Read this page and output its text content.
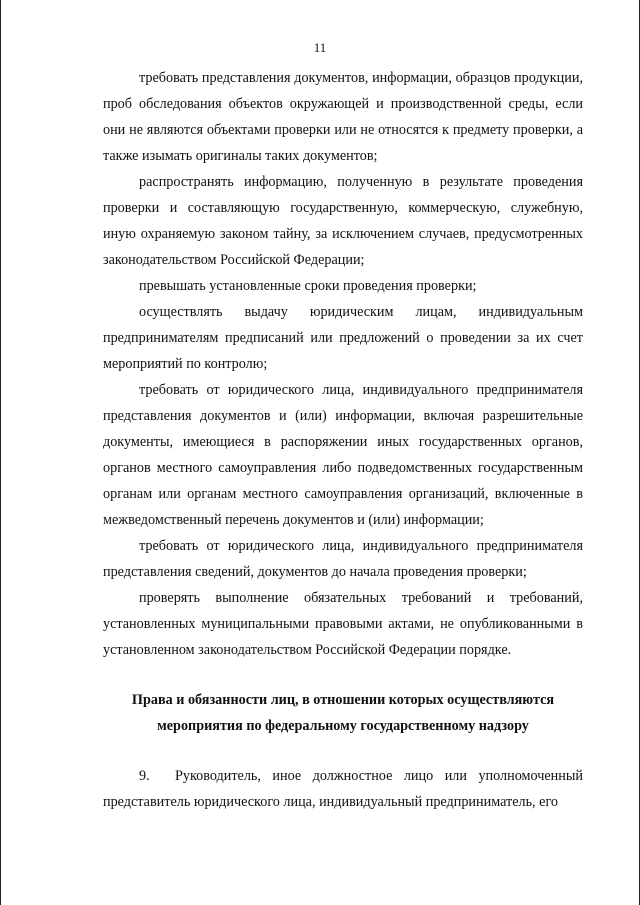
11

требовать представления документов, информации, образцов продукции, проб обследования объектов окружающей и производственной среды, если они не являются объектами проверки или не относятся к предмету проверки, а также изымать оригиналы таких документов;

распространять информацию, полученную в результате проведения проверки и составляющую государственную, коммерческую, служебную, иную охраняемую законом тайну, за исключением случаев, предусмотренных законодательством Российской Федерации;

превышать установленные сроки проведения проверки;

осуществлять выдачу юридическим лицам, индивидуальным предпринимателям предписаний или предложений о проведении за их счет мероприятий по контролю;

требовать от юридического лица, индивидуального предпринимателя представления документов и (или) информации, включая разрешительные документы, имеющиеся в распоряжении иных государственных органов, органов местного самоуправления либо подведомственных государственным органам или органам местного самоуправления организаций, включенные в межведомственный перечень документов и (или) информации;

требовать от юридического лица, индивидуального предпринимателя представления сведений, документов до начала проведения проверки;

проверять выполнение обязательных требований и требований, установленных муниципальными правовыми актами, не опубликованными в установленном законодательством Российской Федерации порядке.

Права и обязанности лиц, в отношении которых осуществляются
мероприятия по федеральному государственному надзору

9. Руководитель, иное должностное лицо или уполномоченный представитель юридического лица, индивидуальный предприниматель, его
